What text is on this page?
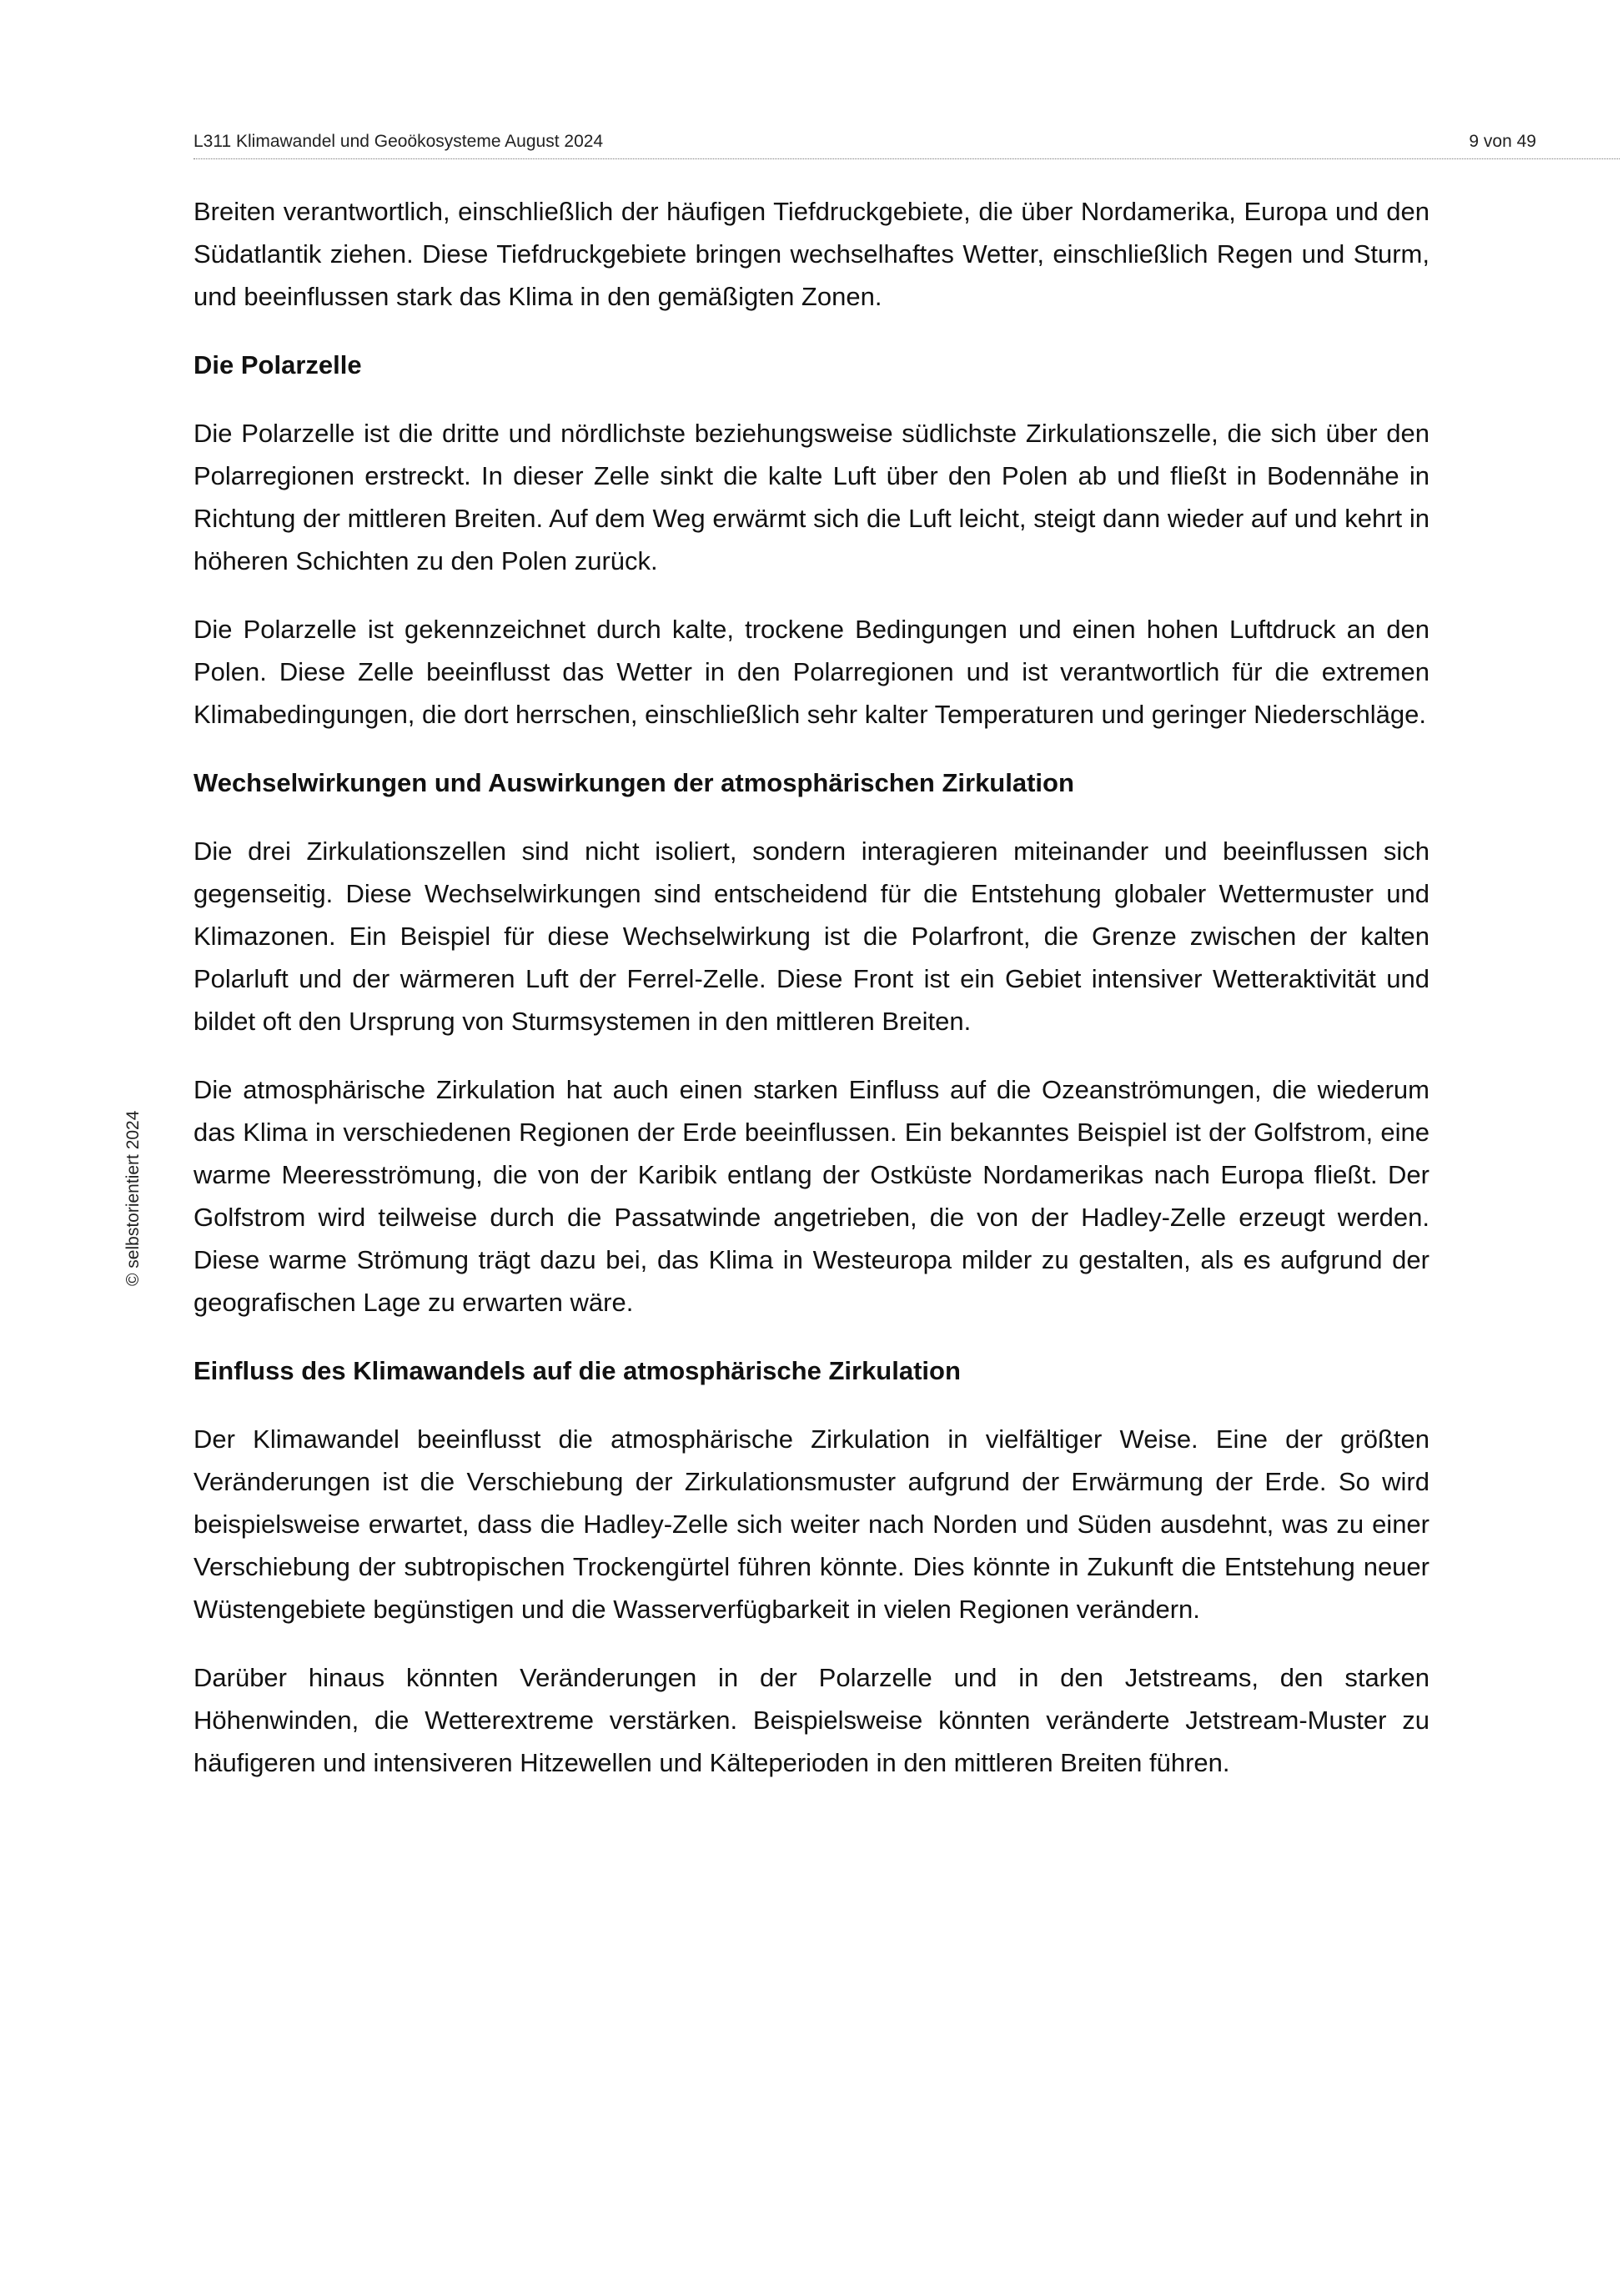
L311 Klimawandel und Geoökosysteme August 2024	9 von 49
© selbstorientiert 2024

Breiten verantwortlich, einschließlich der häufigen Tiefdruckgebiete, die über Nordamerika, Europa und den Südatlantik ziehen. Diese Tiefdruckgebiete bringen wechselhaftes Wetter, einschließlich Regen und Sturm, und beeinflussen stark das Klima in den gemäßigten Zonen.

Die Polarzelle

Die Polarzelle ist die dritte und nördlichste beziehungsweise südlichste Zirkulationszelle, die sich über den Polarregionen erstreckt. In dieser Zelle sinkt die kalte Luft über den Polen ab und fließt in Bodennähe in Richtung der mittleren Breiten. Auf dem Weg erwärmt sich die Luft leicht, steigt dann wieder auf und kehrt in höheren Schichten zu den Polen zurück.

Die Polarzelle ist gekennzeichnet durch kalte, trockene Bedingungen und einen hohen Luftdruck an den Polen. Diese Zelle beeinflusst das Wetter in den Polarregionen und ist verantwortlich für die extremen Klimabedingungen, die dort herrschen, einschließlich sehr kalter Temperaturen und geringer Niederschläge.

Wechselwirkungen und Auswirkungen der atmosphärischen Zirkulation

Die drei Zirkulationszellen sind nicht isoliert, sondern interagieren miteinander und beeinflussen sich gegenseitig. Diese Wechselwirkungen sind entscheidend für die Entstehung globaler Wettermuster und Klimazonen. Ein Beispiel für diese Wechselwirkung ist die Polarfront, die Grenze zwischen der kalten Polarluft und der wärmeren Luft der Ferrel-Zelle. Diese Front ist ein Gebiet intensiver Wetteraktivität und bildet oft den Ursprung von Sturmsystemen in den mittleren Breiten.

Die atmosphärische Zirkulation hat auch einen starken Einfluss auf die Ozeanströmungen, die wiederum das Klima in verschiedenen Regionen der Erde beeinflussen. Ein bekanntes Beispiel ist der Golfstrom, eine warme Meeresströmung, die von der Karibik entlang der Ostküste Nordamerikas nach Europa fließt. Der Golfstrom wird teilweise durch die Passatwinde angetrieben, die von der Hadley-Zelle erzeugt werden. Diese warme Strömung trägt dazu bei, das Klima in Westeuropa milder zu gestalten, als es aufgrund der geografischen Lage zu erwarten wäre.

Einfluss des Klimawandels auf die atmosphärische Zirkulation

Der Klimawandel beeinflusst die atmosphärische Zirkulation in vielfältiger Weise. Eine der größten Veränderungen ist die Verschiebung der Zirkulationsmuster aufgrund der Erwärmung der Erde. So wird beispielsweise erwartet, dass die Hadley-Zelle sich weiter nach Norden und Süden ausdehnt, was zu einer Verschiebung der subtropischen Trockengürtel führen könnte. Dies könnte in Zukunft die Entstehung neuer Wüstengebiete begünstigen und die Wasserverfügbarkeit in vielen Regionen verändern.

Darüber hinaus könnten Veränderungen in der Polarzelle und in den Jetstreams, den starken Höhenwinden, die Wetterextreme verstärken. Beispielsweise könnten veränderte Jetstream-Muster zu häufigeren und intensiveren Hitzewellen und Kälteperioden in den mittleren Breiten führen.
